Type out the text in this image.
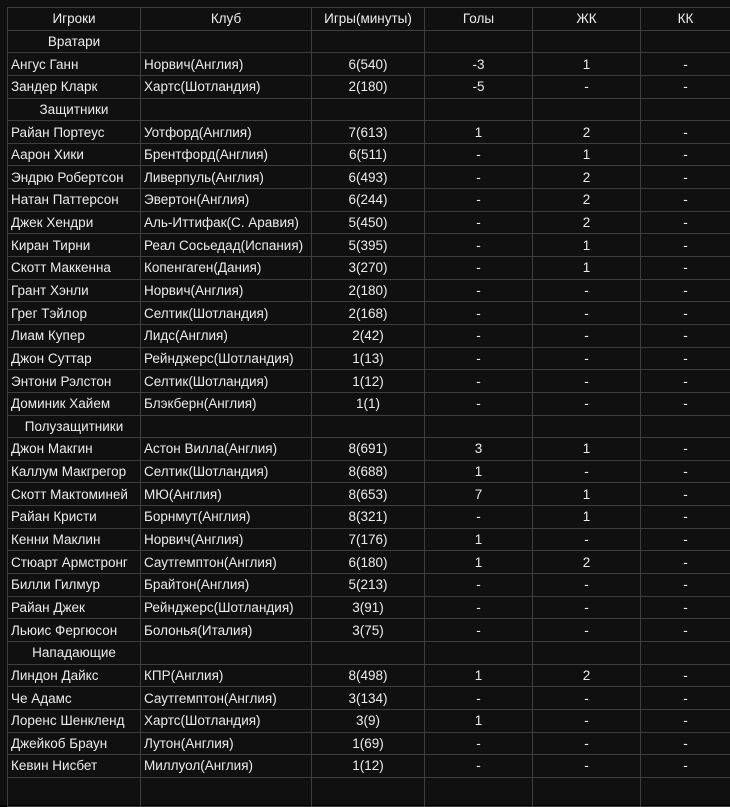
Игроки	Клуб	Игры(минуты)	Голы	ЖК	КК
Вратари					
Ангус Ганн	Норвич(Англия)	6(540)	-3	1	-
Зандер Кларк	Хартс(Шотландия)	2(180)	-5	-	-
Защитники					
Райан Портеус	Уотфорд(Англия)	7(613)	1	2	-
Аарон Хики	Брентфорд(Англия)	6(511)	-	1	-
Эндрю Робертсон	Ливерпуль(Англия)	6(493)	-	2	-
Натан Паттерсон	Эвертон(Англия)	6(244)	-	2	-
Джек Хендри	Аль-Иттифак(С. Аравия)	5(450)	-	2	-
Киран Тирни	Реал Сосьедад(Испания)	5(395)	-	1	-
Скотт Маккенна	Копенгаген(Дания)	3(270)	-	1	-
Грант Хэнли	Норвич(Англия)	2(180)	-	-	-
Грег Тэйлор	Селтик(Шотландия)	2(168)	-	-	-
Лиам Купер	Лидс(Англия)	2(42)	-	-	-
Джон Суттар	Рейнджерс(Шотландия)	1(13)	-	-	-
Энтони Рэлстон	Селтик(Шотландия)	1(12)	-	-	-
Доминик Хайем	Блэкберн(Англия)	1(1)	-	-	-
Полузащитники					
Джон Макгин	Астон Вилла(Англия)	8(691)	3	1	-
Каллум Макгрегор	Селтик(Шотландия)	8(688)	1	-	-
Скотт Мактоминей	МЮ(Англия)	8(653)	7	1	-
Райан Кристи	Борнмут(Англия)	8(321)	-	1	-
Кенни Маклин	Норвич(Англия)	7(176)	1	-	-
Стюарт Армстронг	Саутгемптон(Англия)	6(180)	1	2	-
Билли Гилмур	Брайтон(Англия)	5(213)	-	-	-
Райан Джек	Рейнджерс(Шотландия)	3(91)	-	-	-
Льюис Фергюсон	Болонья(Италия)	3(75)	-	-	-
Нападающие					
Линдон Дайкс	КПР(Англия)	8(498)	1	2	-
Че Адамс	Саутгемптон(Англия)	3(134)	-	-	-
Лоренс Шенкленд	Хартс(Шотландия)	3(9)	1	-	-
Джейкоб Браун	Лутон(Англия)	1(69)	-	-	-
Кевин Нисбет	Миллуол(Англия)	1(12)	-	-	-
